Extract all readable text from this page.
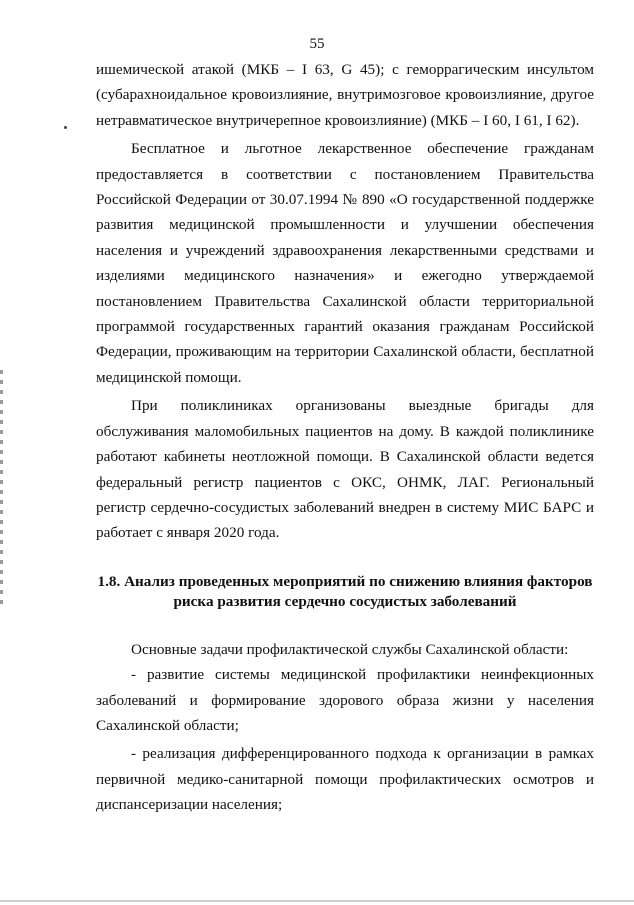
55

ишемической атакой (МКБ – I 63, G 45); с геморрагическим инсультом (субарахноидальное кровоизлияние, внутримозговое кровоизлияние, другое нетравматическое внутричерепное кровоизлияние) (МКБ – I 60, I 61, I 62).

Бесплатное и льготное лекарственное обеспечение гражданам предоставляется в соответствии с постановлением Правительства Российской Федерации от 30.07.1994 № 890 «О государственной поддержке развития медицинской промышленности и улучшении обеспечения населения и учреждений здравоохранения лекарственными средствами и изделиями медицинского назначения» и ежегодно утверждаемой постановлением Правительства Сахалинской области территориальной программой государственных гарантий оказания гражданам Российской Федерации, проживающим на территории Сахалинской области, бесплатной медицинской помощи.

При поликлиниках организованы выездные бригады для обслуживания маломобильных пациентов на дому. В каждой поликлинике работают кабинеты неотложной помощи. В Сахалинской области ведется федеральный регистр пациентов с ОКС, ОНМК, ЛАГ. Региональный регистр сердечно-сосудистых заболеваний внедрен в систему МИС БАРС и работает с января 2020 года.

1.8. Анализ проведенных мероприятий по снижению влияния факторов
риска развития сердечно сосудистых заболеваний

Основные задачи профилактической службы Сахалинской области:

- развитие системы медицинской профилактики неинфекционных заболеваний и формирование здорового образа жизни у населения Сахалинской области;

- реализация дифференцированного подхода к организации в рамках первичной медико-санитарной помощи профилактических осмотров и диспансеризации населения;
